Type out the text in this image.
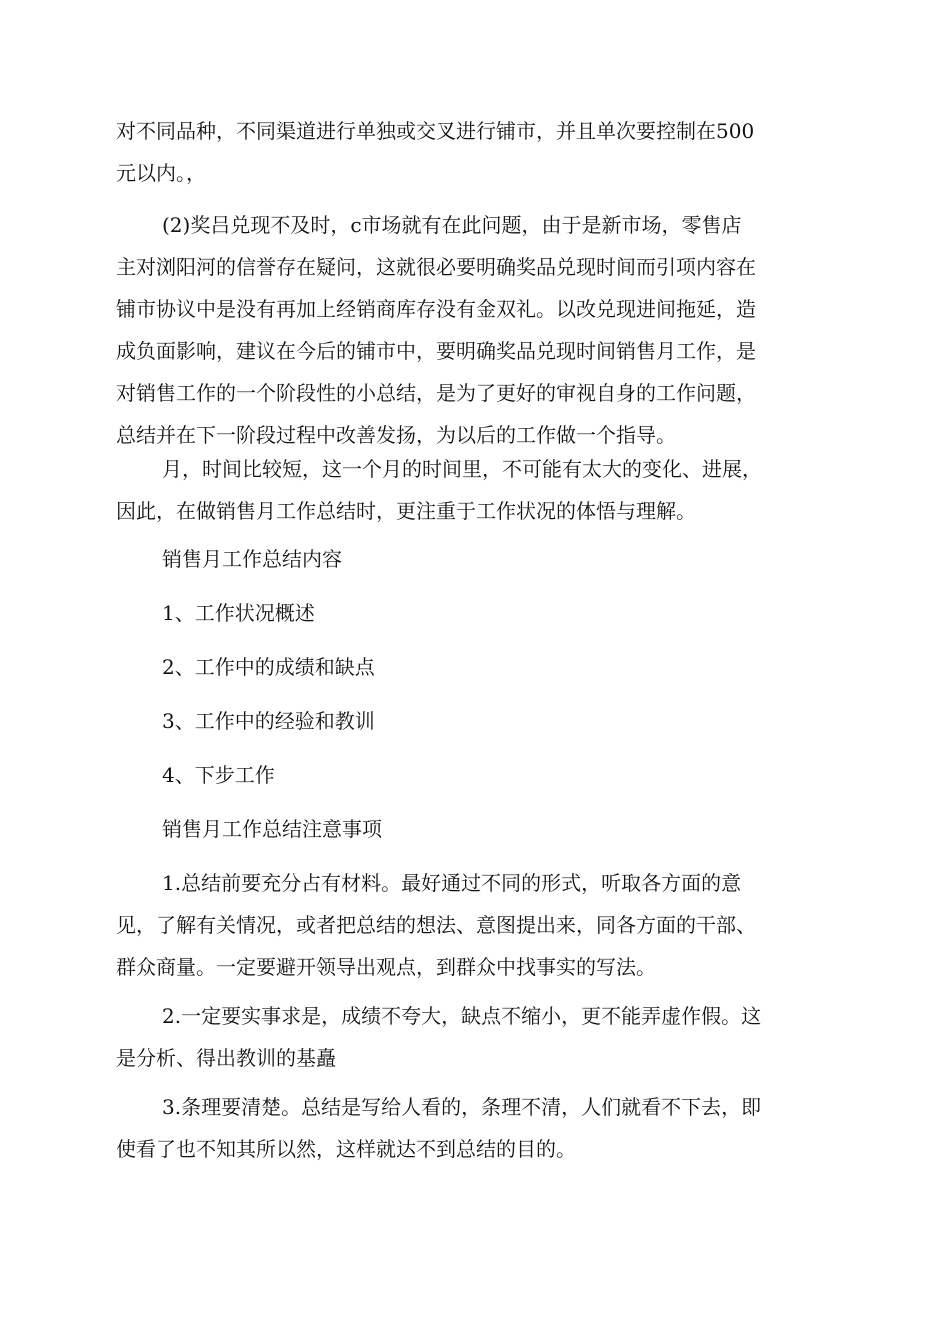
对不同品种，不同渠道进行单独或交叉进行铺市，并且单次要控制在500
元以内。，
(2)奖吕兑现不及时，c市场就有在此问题，由于是新市场，零售店
主对浏阳河的信誉存在疑问，这就很必要明确奖品兑现时间而引项内容在
铺市协议中是没有再加上经销商库存没有金双礼。以改兑现进间拖延，造
成负面影响，建议在今后的铺市中，要明确奖品兑现时间销售月工作，是
对销售工作的一个阶段性的小总结，是为了更好的审视自身的工作问题，
总结并在下一阶段过程中改善发扬，为以后的工作做一个指导。
月，时间比较短，这一个月的时间里，不可能有太大的变化、进展，
因此，在做销售月工作总结时，更注重于工作状况的体悟与理解。
销售月工作总结内容
1、工作状况概述
2、工作中的成绩和缺点
3、工作中的经验和教训
4、下步工作
销售月工作总结注意事项
1.总结前要充分占有材料。最好通过不同的形式，听取各方面的意
见，了解有关情况，或者把总结的想法、意图提出来，同各方面的干部、
群众商量。一定要避开领导出观点，到群众中找事实的写法。
2.一定要实事求是，成绩不夸大，缺点不缩小，更不能弄虚作假。这
是分析、得出教训的基矗
3.条理要清楚。总结是写给人看的，条理不清，人们就看不下去，即
使看了也不知其所以然，这样就达不到总结的目的。
